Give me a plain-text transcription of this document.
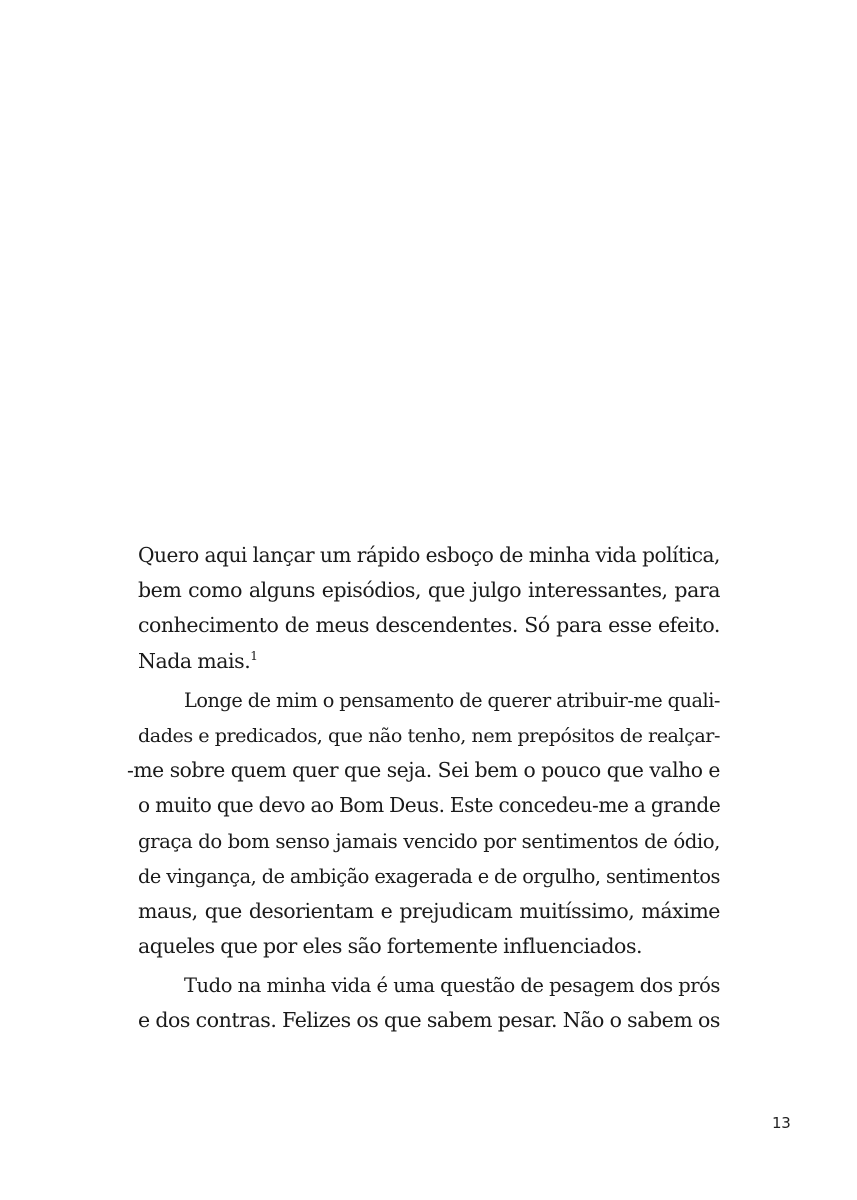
Quero aqui lançar um rápido esboço de minha vida política,
bem como alguns episódios, que julgo interessantes, para
conhecimento de meus descendentes. Só para esse efeito.
Nada mais.$^1$
Longe de mim o pensamento de querer atribuir-me quali-
dades e predicados, que não tenho, nem prepósitos de realçar-
-me sobre quem quer que seja. Sei bem o pouco que valho e
o muito que devo ao Bom Deus. Este concedeu-me a grande
graça do bom senso jamais vencido por sentimentos de ódio,
de vingança, de ambição exagerada e de orgulho, sentimentos
maus, que desorientam e prejudicam muitíssimo, máxime
aqueles que por eles são fortemente influenciados.
Tudo na minha vida é uma questão de pesagem dos prós
e dos contras. Felizes os que sabem pesar. Não o sabem os
13
